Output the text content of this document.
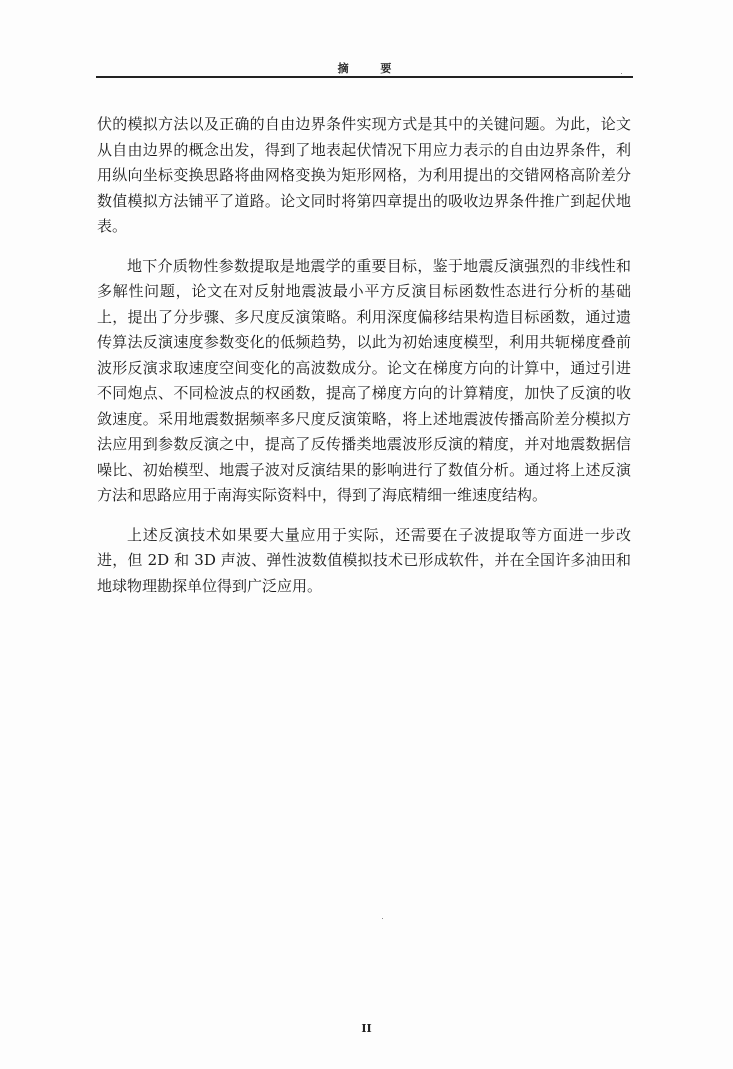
摘 要

伏的模拟方法以及正确的自由边界条件实现方式是其中的关键问题。为此，论文从自由边界的概念出发，得到了地表起伏情况下用应力表示的自由边界条件，利用纵向坐标变换思路将曲网格变换为矩形网格，为利用提出的交错网格高阶差分数值模拟方法铺平了道路。论文同时将第四章提出的吸收边界条件推广到起伏地表。

地下介质物性参数提取是地震学的重要目标，鉴于地震反演强烈的非线性和多解性问题，论文在对反射地震波最小平方反演目标函数性态进行分析的基础上，提出了分步骤、多尺度反演策略。利用深度偏移结果构造目标函数，通过遗传算法反演速度参数变化的低频趋势，以此为初始速度模型，利用共轭梯度叠前波形反演求取速度空间变化的高波数成分。论文在梯度方向的计算中，通过引进不同炮点、不同检波点的权函数，提高了梯度方向的计算精度，加快了反演的收敛速度。采用地震数据频率多尺度反演策略，将上述地震波传播高阶差分模拟方法应用到参数反演之中，提高了反传播类地震波形反演的精度，并对地震数据信噪比、初始模型、地震子波对反演结果的影响进行了数值分析。通过将上述反演方法和思路应用于南海实际资料中，得到了海底精细一维速度结构。

上述反演技术如果要大量应用于实际，还需要在子波提取等方面进一步改进，但 2D 和 3D 声波、弹性波数值模拟技术已形成软件，并在全国许多油田和地球物理勘探单位得到广泛应用。

II
